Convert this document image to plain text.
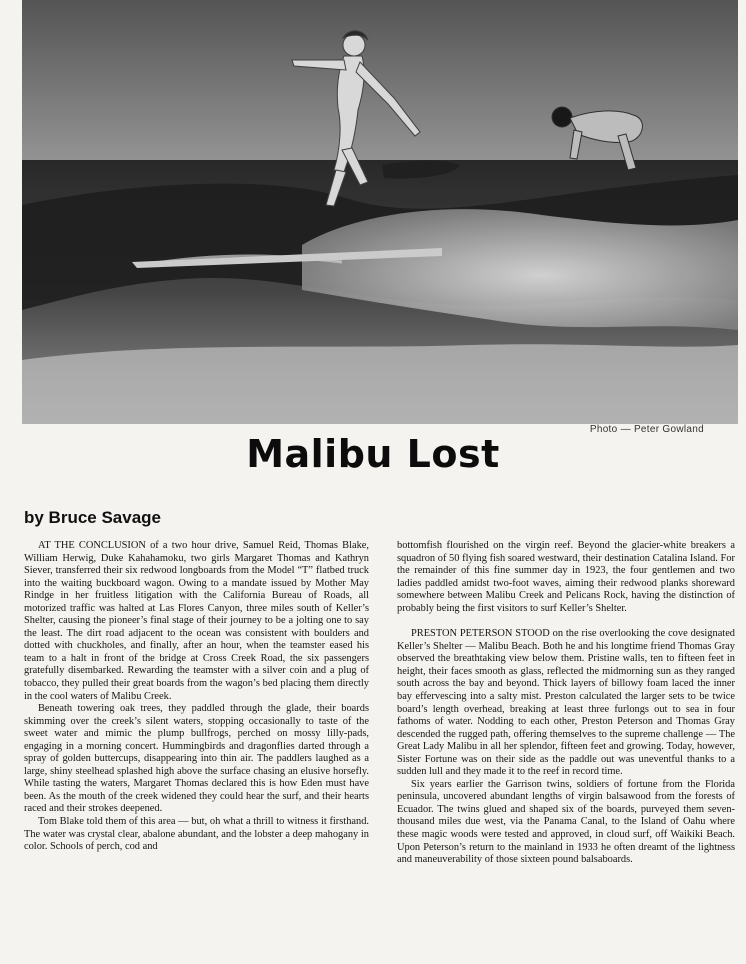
Photo — Peter Gowland
Malibu Lost
by Bruce Savage

AT THE CONCLUSION of a two hour drive, Samuel Reid, Thomas Blake, William Herwig, Duke Kahahamoku, two girls Margaret Thomas and Kathryn Siever, transferred their six redwood longboards from the Model “T” flatbed truck into the waiting buckboard wagon. Owing to a mandate issued by Mother May Rindge in her fruitless litigation with the California Bureau of Roads, all motorized traffic was halted at Las Flores Canyon, three miles south of Keller’s Shelter, causing the pioneer’s final stage of their journey to be a jolting one to say the least. The dirt road adjacent to the ocean was consistent with boulders and dotted with chuckholes, and finally, after an hour, when the teamster eased his team to a halt in front of the bridge at Cross Creek Road, the six passengers gratefully disembarked. Rewarding the teamster with a silver coin and a plug of tobacco, they pulled their great boards from the wagon’s bed placing them directly in the cool waters of Malibu Creek.

Beneath towering oak trees, they paddled through the glade, their boards skimming over the creek’s silent waters, stopping occasionally to taste of the sweet water and mimic the plump bullfrogs, perched on mossy lilly-pads, engaging in a morning concert. Hummingbirds and dragonflies darted through a spray of golden buttercups, disappearing into thin air. The paddlers laughed as a large, shiny steelhead splashed high above the surface chasing an elusive horsefly. While tasting the waters, Margaret Thomas declared this is how Eden must have been. As the mouth of the creek widened they could hear the surf, and their hearts raced and their strokes deepened.

Tom Blake told them of this area — but, oh what a thrill to witness it firsthand. The water was crystal clear, abalone abundant, and the lobster a deep mahogany in color. Schools of perch, cod and

bottomfish flourished on the virgin reef. Beyond the glacier-white breakers a squadron of 50 flying fish soared westward, their destination Catalina Island. For the remainder of this fine summer day in 1923, the four gentlemen and two ladies paddled amidst two-foot waves, aiming their redwood planks shoreward somewhere between Malibu Creek and Pelicans Rock, having the distinction of probably being the first visitors to surf Keller’s Shelter.

PRESTON PETERSON STOOD on the rise overlooking the cove designated Keller’s Shelter — Malibu Beach. Both he and his longtime friend Thomas Gray observed the breathtaking view below them. Pristine walls, ten to fifteen feet in height, their faces smooth as glass, reflected the midmorning sun as they ranged south across the bay and beyond. Thick layers of billowy foam laced the inner bay effervescing into a salty mist. Preston calculated the larger sets to be twice board’s length overhead, breaking at least three furlongs out to sea in four fathoms of water. Nodding to each other, Preston Peterson and Thomas Gray descended the rugged path, offering themselves to the supreme challenge — The Great Lady Malibu in all her splendor, fifteen feet and growing. Today, however, Sister Fortune was on their side as the paddle out was uneventful thanks to a sudden lull and they made it to the reef in record time.

Six years earlier the Garrison twins, soldiers of fortune from the Florida peninsula, uncovered abundant lengths of virgin balsawood from the forests of Ecuador. The twins glued and shaped six of the boards, purveyed them seven-thousand miles due west, via the Panama Canal, to the Island of Oahu where these magic woods were tested and approved, in cloud surf, off Waikiki Beach. Upon Peterson’s return to the mainland in 1933 he often dreamt of the lightness and maneuverability of those sixteen pound balsaboards.
